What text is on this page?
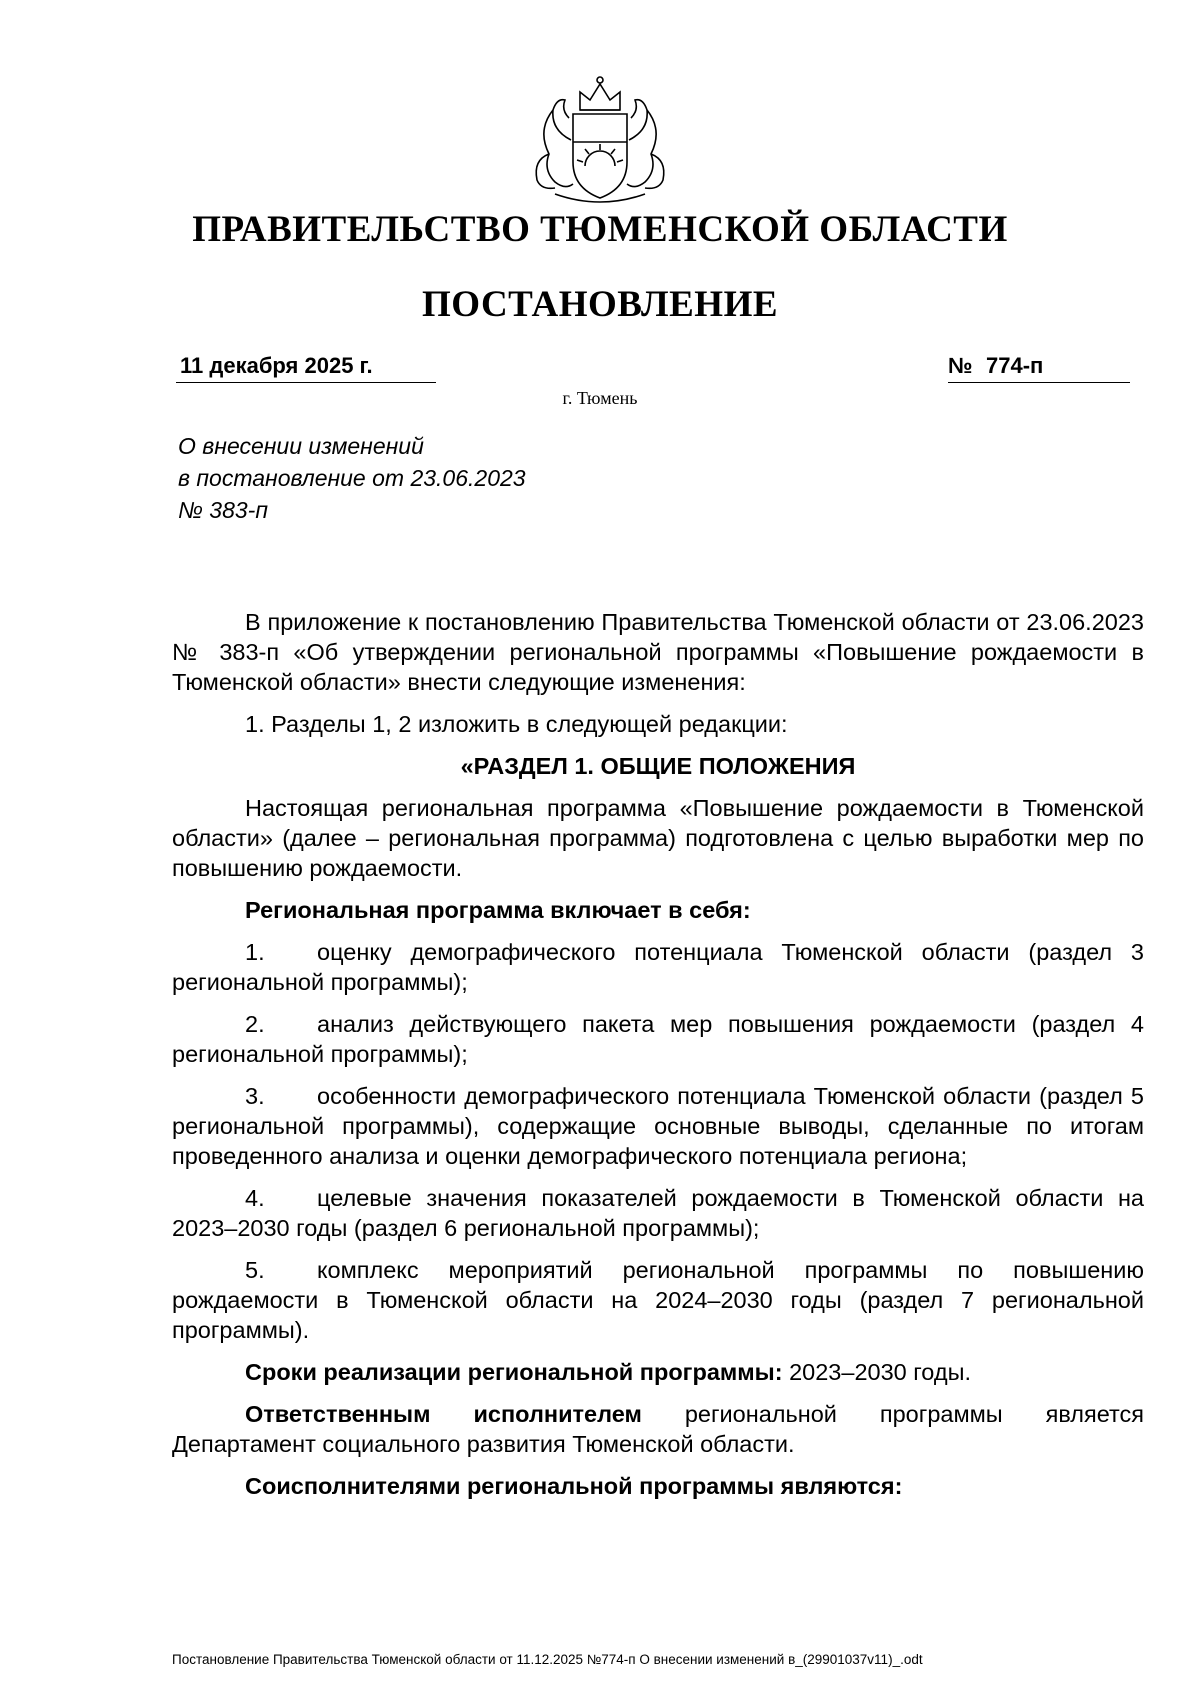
ПРАВИТЕЛЬСТВО ТЮМЕНСКОЙ ОБЛАСТИ
ПОСТАНОВЛЕНИЕ
11 декабря 2025 г.	№ 774-п

г. Тюмень
О внесении изменений
в постановление от 23.06.2023
№ 383-п

В приложение к постановлению Правительства Тюменской области от 23.06.2023 № 383-п «Об утверждении региональной программы «Повышение рождаемости в Тюменской области» внести следующие изменения:

1. Разделы 1, 2 изложить в следующей редакции:

«РАЗДЕЛ 1. ОБЩИЕ ПОЛОЖЕНИЯ

Настоящая региональная программа «Повышение рождаемости в Тюменской области» (далее – региональная программа) подготовлена с целью выработки мер по повышению рождаемости.

Региональная программа включает в себя:

1. оценку демографического потенциала Тюменской области (раздел 3 региональной программы);

2. анализ действующего пакета мер повышения рождаемости (раздел 4 региональной программы);

3. особенности демографического потенциала Тюменской области (раздел 5 региональной программы), содержащие основные выводы, сделанные по итогам проведенного анализа и оценки демографического потенциала региона;

4. целевые значения показателей рождаемости в Тюменской области на 2023–2030 годы (раздел 6 региональной программы);

5. комплекс мероприятий региональной программы по повышению рождаемости в Тюменской области на 2024–2030 годы (раздел 7 региональной программы).

Сроки реализации региональной программы: 2023–2030 годы.

Ответственным исполнителем региональной программы является Департамент социального развития Тюменской области.

Соисполнителями региональной программы являются:

Постановление Правительства Тюменской области от 11.12.2025 №774-п О внесении изменений в_(29901037v11)_.odt
